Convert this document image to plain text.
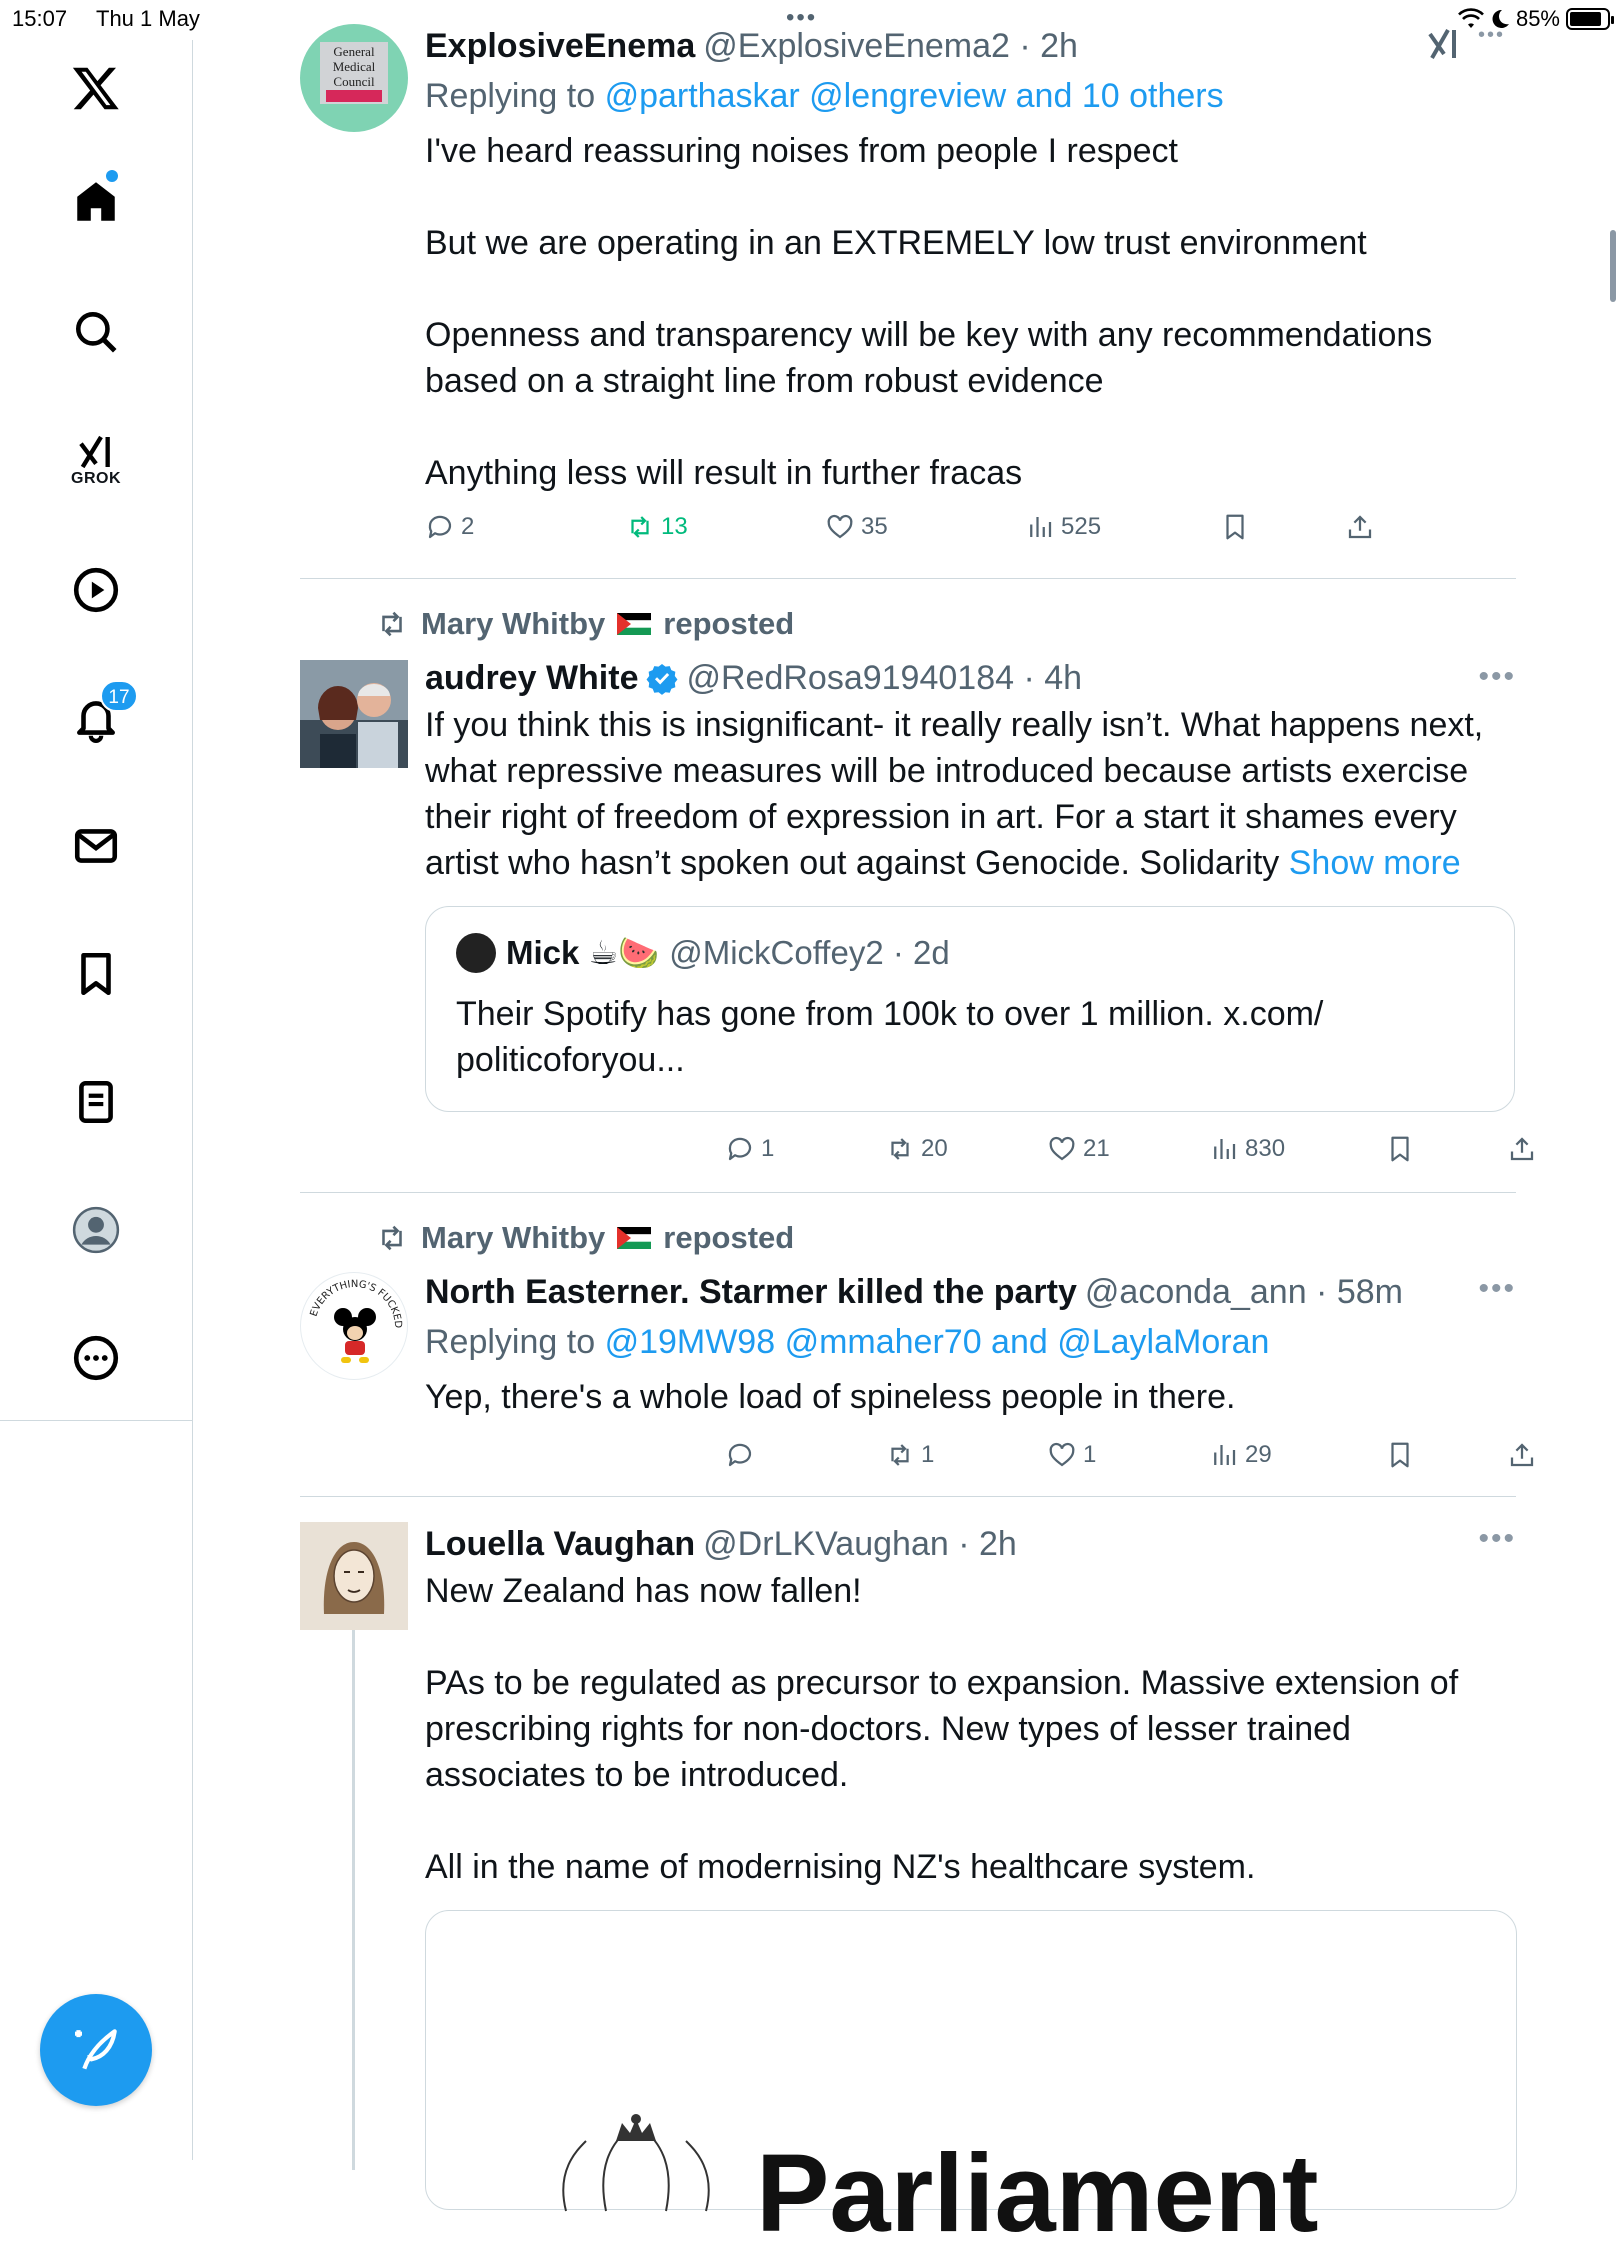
15:07 Thu 1 May	85%
•••
•••
GROK
17
General
Medical
Council
ExplosiveEnema @ExplosiveEnema2 · 2h
Replying to @parthaskar @lengreview and 10 others

I've heard reassuring noises from people I respect

But we are operating in an EXTREMELY low trust environment

Openness and transparency will be key with any recommendations based on a straight line from robust evidence

Anything less will result in further fracas

2	13	35	525
Mary Whitby reposted
audrey White @RedRosa91940184 · 4h
If you think this is insignificant- it really really isn’t. What happens next, what repressive measures will be introduced because artists exercise their right of freedom of expression in art. For a start it shames every artist who hasn’t spoken out against Genocide. Solidarity Show more
•••
Mick ☕🍉 @MickCoffey2 · 2d
Their Spotify has gone from 100k to over 1 million. x.com/ politicoforyou...
1	20	21	830
Mary Whitby reposted
EVERYTHING'S FUCKED
North Easterner. Starmer killed the party @aconda_ann · 58m
Replying to @19MW98 @mmaher70 and @LaylaMoran
Yep, there's a whole load of spineless people in there.
•••
1	1	29
Louella Vaughan @DrLKVaughan · 2h

New Zealand has now fallen!

PAs to be regulated as precursor to expansion. Massive extension of prescribing rights for non-doctors. New types of lesser trained associates to be introduced.

All in the name of modernising NZ's healthcare system.

•••
Parliament
